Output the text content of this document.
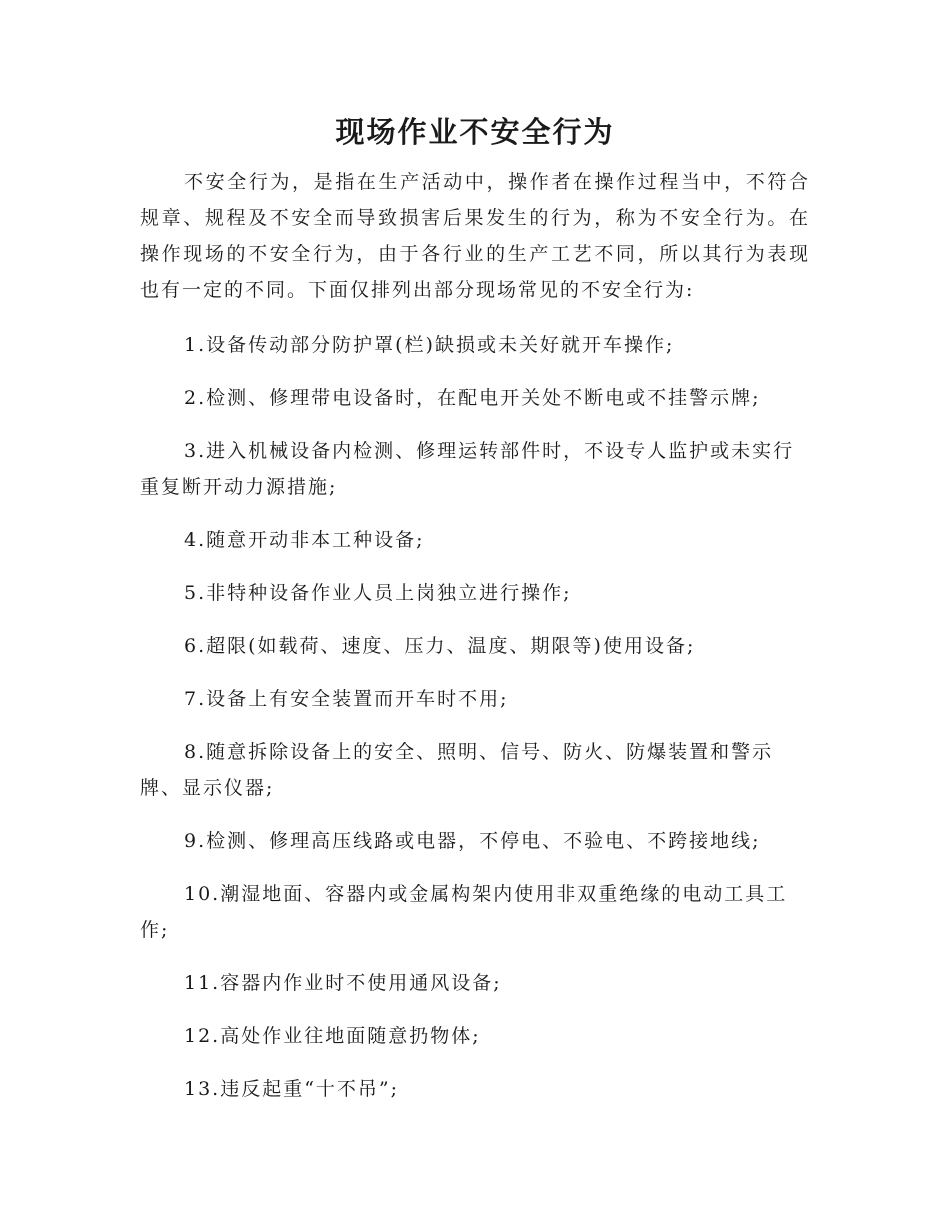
现场作业不安全行为

不安全行为，是指在生产活动中，操作者在操作过程当中，不符合规章、规程及不安全而导致损害后果发生的行为，称为不安全行为。在操作现场的不安全行为，由于各行业的生产工艺不同，所以其行为表现也有一定的不同。下面仅排列出部分现场常见的不安全行为:

1.设备传动部分防护罩(栏)缺损或未关好就开车操作;

2.检测、修理带电设备时，在配电开关处不断电或不挂警示牌;

3.进入机械设备内检测、修理运转部件时，不设专人监护或未实行重复断开动力源措施;

4.随意开动非本工种设备;

5.非特种设备作业人员上岗独立进行操作;

6.超限(如载荷、速度、压力、温度、期限等)使用设备;

7.设备上有安全装置而开车时不用;

8.随意拆除设备上的安全、照明、信号、防火、防爆装置和警示牌、显示仪器;

9.检测、修理高压线路或电器，不停电、不验电、不跨接地线;

10.潮湿地面、容器内或金属构架内使用非双重绝缘的电动工具工作;

11.容器内作业时不使用通风设备;

12.高处作业往地面随意扔物体;

13.违反起重“十不吊”;
